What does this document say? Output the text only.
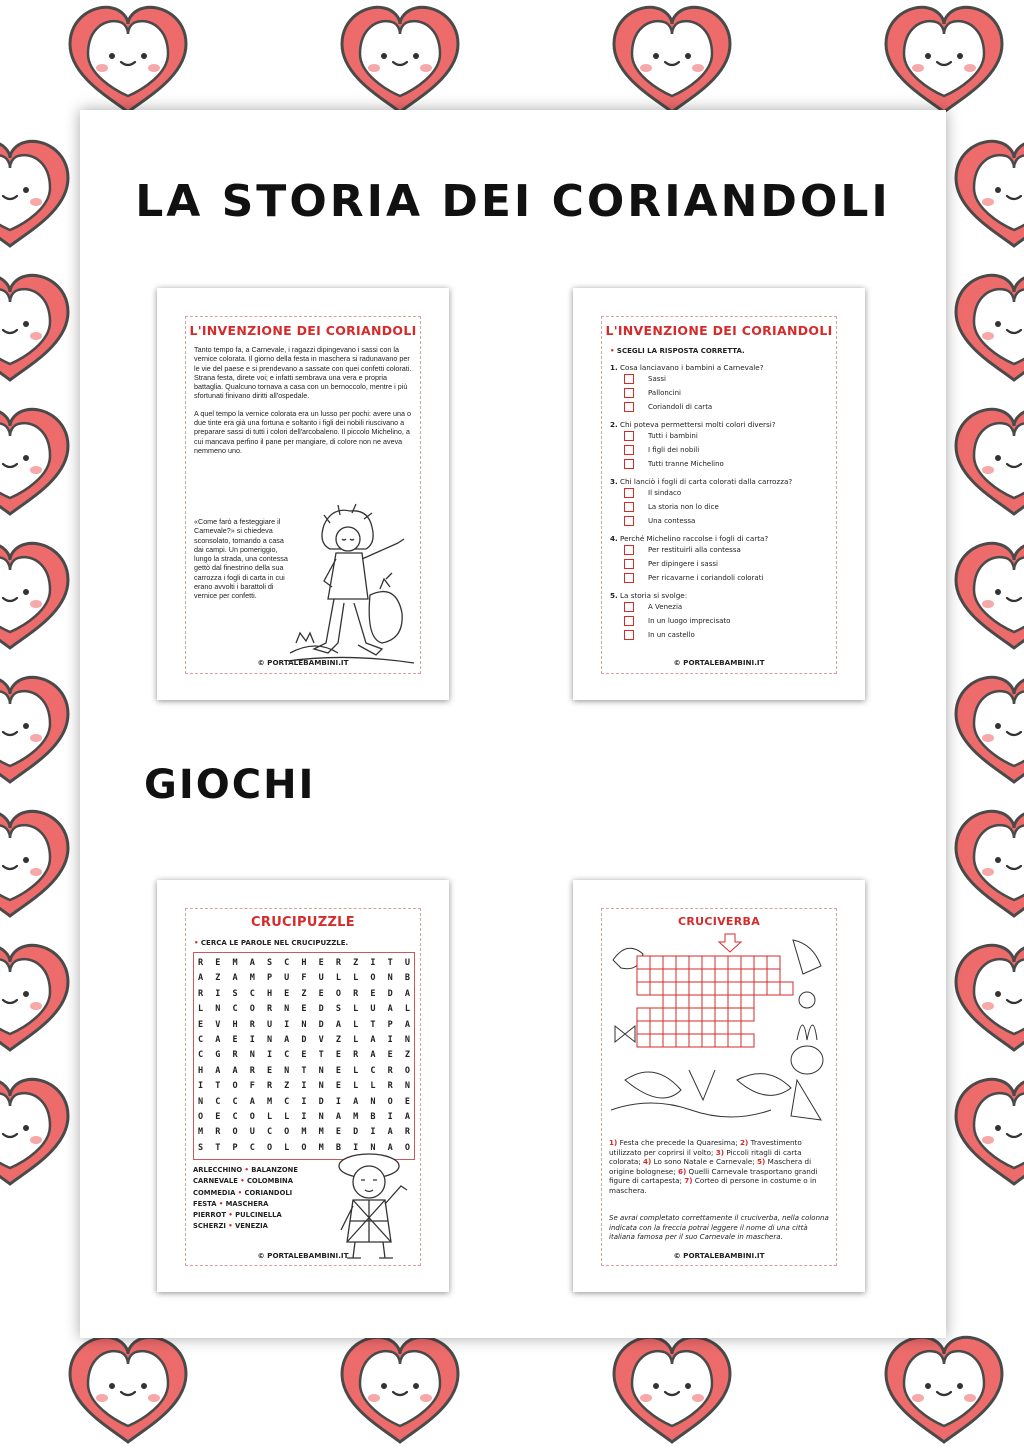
LA STORIA DEI CORIANDOLI
L'INVENZIONE DEI CORIANDOLI

Tanto tempo fa, a Carnevale, i ragazzi dipingevano i sassi con la vernice colorata. Il giorno della festa in maschera si radunavano per le vie del paese e si prendevano a sassate con quei confetti colorati. Strana festa, direte voi; e infatti sembrava una vera e propria battaglia. Qualcuno tornava a casa con un bernoccolo, mentre i più sfortunati finivano diritti all'ospedale.

A quel tempo la vernice colorata era un lusso per pochi: avere una o due tinte era già una fortuna e soltanto i figli dei nobili riuscivano a preparare sassi di tutti i colori dell'arcobaleno. Il piccolo Michelino, a cui mancava perfino il pane per mangiare, di colore non ne aveva nemmeno uno.

«Come farò a festeggiare il Carnevale?» si chiedeva sconsolato, tornando a casa dai campi. Un pomeriggio, lungo la strada, una contessa gettò dal finestrino della sua carrozza i fogli di carta in cui erano avvolti i barattoli di vernice per confetti.
© PORTALEBAMBINI.IT
L'INVENZIONE DEI CORIANDOLI
• SCEGLI LA RISPOSTA CORRETTA.
1. Cosa lanciavano i bambini a Carnevale?
Sassi
Palloncini
Coriandoli di carta
2. Chi poteva permettersi molti colori diversi?
Tutti i bambini
I figli dei nobili
Tutti tranne Michelino
3. Chi lanciò i fogli di carta colorati dalla carrozza?
Il sindaco
La storia non lo dice
Una contessa
4. Perché Michelino raccolse i fogli di carta?
Per restituirli alla contessa
Per dipingere i sassi
Per ricavarne i coriandoli colorati
5. La storia si svolge:
A Venezia
In un luogo imprecisato
In un castello
© PORTALEBAMBINI.IT
GIOCHI
CRUCIPUZZLE
• CERCA LE PAROLE NEL CRUCIPUZZLE.
R E M A S C H E R Z I T U
A Z A M P U F U L L O N B
R I S C H E Z E O R E D A
L N C O R N E D S L U A L
E V H R U I N D A L T P A
C A E I N A D V Z L A I N
C G R N I C E T E R A E Z
H A A R E N T N E L C R O
I T O F R Z I N E L L R N
N C C A M C I D I A N O E
O E C O L L I N A M B I A
M R O U C O M M E D I A R
S T P C O L O M B I N A O
ARLECCHINO • BALANZONE
CARNEVALE • COLOMBINA
COMMEDIA • CORIANDOLI
FESTA • MASCHERA
PIERROT • PULCINELLA
SCHERZI • VENEZIA
© PORTALEBAMBINI.IT
CRUCIVERBA
1) Festa che precede la Quaresima; 2) Travestimento utilizzato per coprirsi il volto; 3) Piccoli ritagli di carta colorata; 4) Lo sono Natale e Carnevale; 5) Maschera di origine bolognese; 6) Quelli Carnevale trasportano grandi figure di cartapesta; 7) Corteo di persone in costume o in maschera.
Se avrai completato correttamente il cruciverba, nella colonna indicata con la freccia potrai leggere il nome di una città italiana famosa per il suo Carnevale in maschera.
© PORTALEBAMBINI.IT
